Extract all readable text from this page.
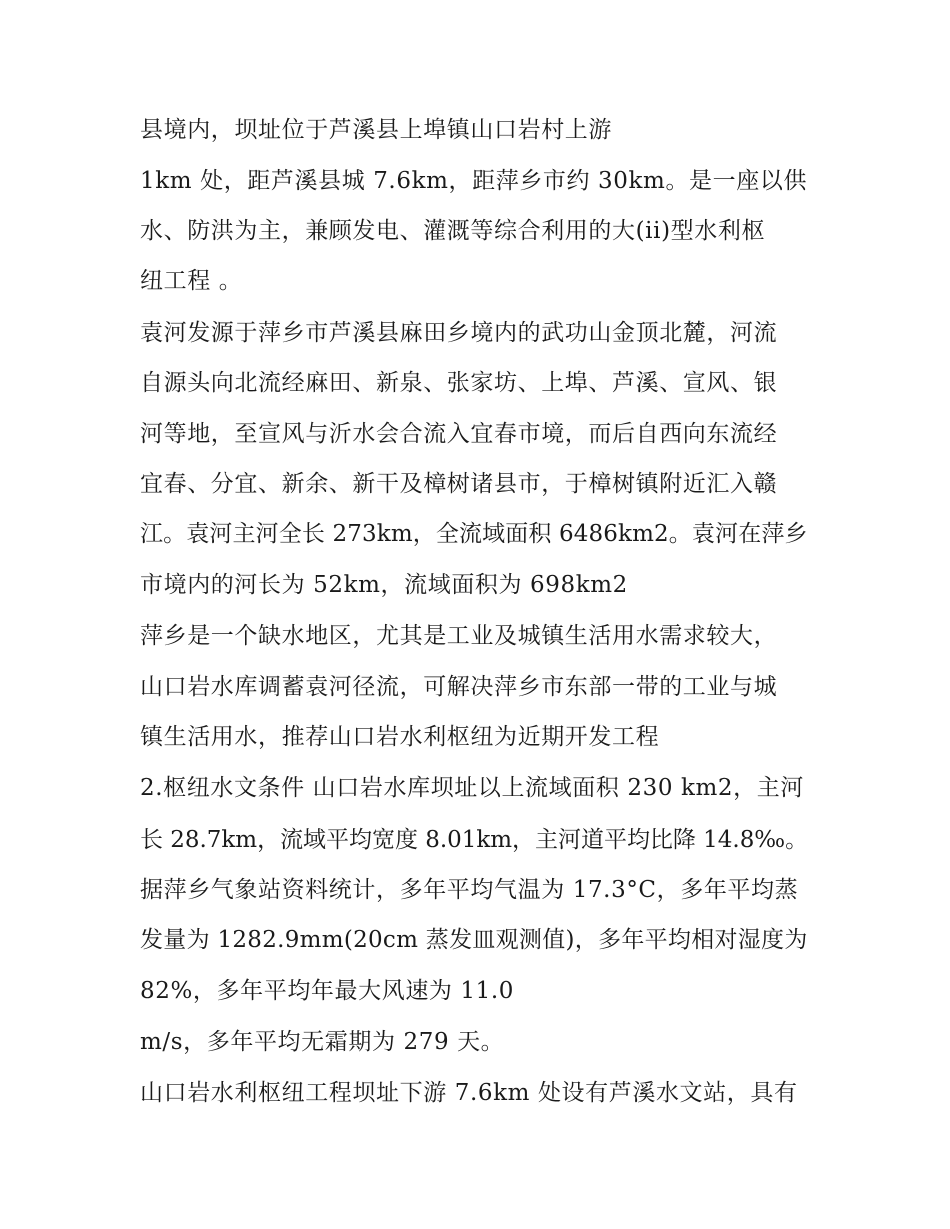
县境内，坝址位于芦溪县上埠镇山口岩村上游

1km 处，距芦溪县城 7.6km，距萍乡市约 30km。是一座以供

水、防洪为主，兼顾发电、灌溉等综合利用的大(ii)型水利枢

纽工程 。

袁河发源于萍乡市芦溪县麻田乡境内的武功山金顶北麓，河流

自源头向北流经麻田、新泉、张家坊、上埠、芦溪、宣风、银

河等地，至宣风与沂水会合流入宜春市境，而后自西向东流经

宜春、分宜、新余、新干及樟树诸县市，于樟树镇附近汇入赣

江。袁河主河全长 273km，全流域面积 6486km2。袁河在萍乡

市境内的河长为 52km，流域面积为 698km2

萍乡是一个缺水地区，尤其是工业及城镇生活用水需求较大，

山口岩水库调蓄袁河径流，可解决萍乡市东部一带的工业与城

镇生活用水，推荐山口岩水利枢纽为近期开发工程

2.枢纽水文条件 山口岩水库坝址以上流域面积 230 km2，主河

长 28.7km，流域平均宽度 8.01km，主河道平均比降 14.8‰。

据萍乡气象站资料统计，多年平均气温为 17.3°C，多年平均蒸

发量为 1282.9mm(20cm 蒸发皿观测值)，多年平均相对湿度为

82%，多年平均年最大风速为 11.0

m/s，多年平均无霜期为 279 天。

山口岩水利枢纽工程坝址下游 7.6km 处设有芦溪水文站，具有
